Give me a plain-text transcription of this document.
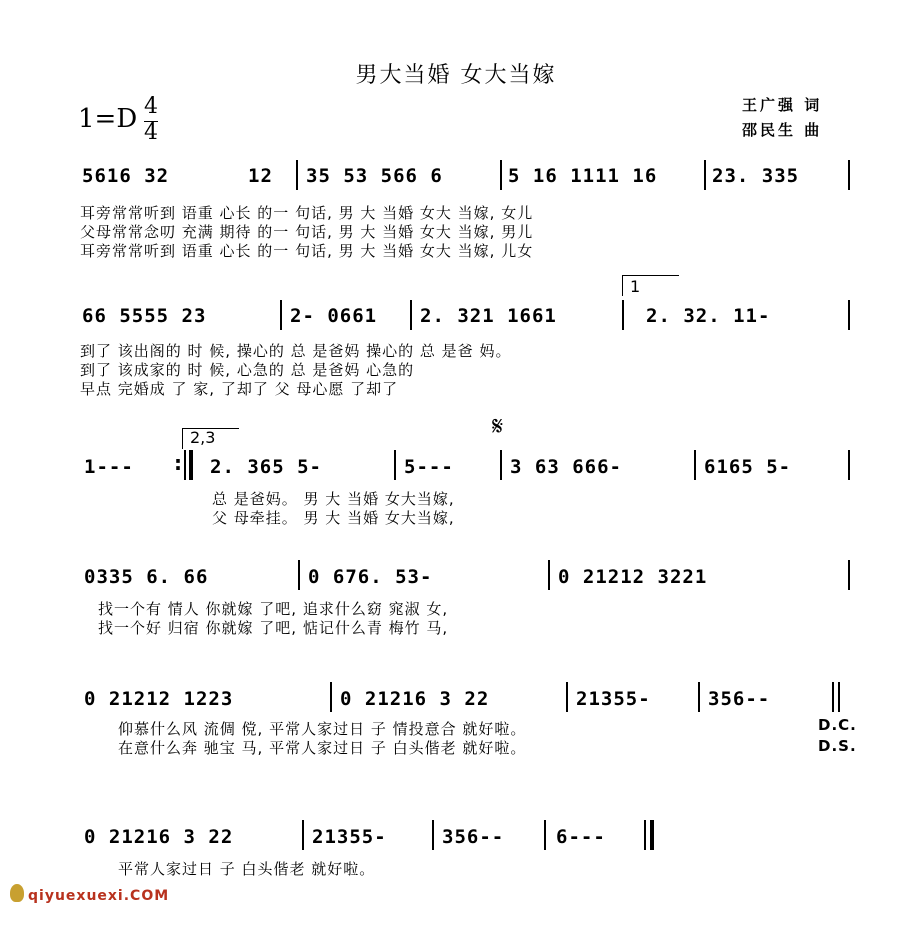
男大当婚 女大当嫁
1=D 4
4
王广强 词
邵民生 曲
5616 32	12 35 53 566 6	5 16 1111 16	23. 335
耳旁常常听到 语重 心长 的一 句话, 男 大 当婚 女大 当嫁, 女儿
父母常常念叨 充满 期待 的一 句话, 男 大 当婚 女大 当嫁, 男儿
耳旁常常听到 语重 心长 的一 句话, 男 大 当婚 女大 当嫁, 儿女
1
66 5555 23	2- 0661 2. 321 1661	2. 32. 11-
到了 该出阁的 时 候, 操心的 总 是爸妈 操心的 总 是爸 妈。
到了 该成家的 时 候, 心急的 总 是爸妈 心急的
早点 完婚成 了 家, 了却了 父 母心愿 了却了
2,3	𝄋
1--- : 2. 365 5-	5---	3 63 666-	6165 5-
总 是爸妈。 男 大 当婚 女大当嫁,
父 母牵挂。 男 大 当婚 女大当嫁,
0335 6. 66	0 676. 53-	0 21212 3221
找一个有 情人 你就嫁 了吧, 追求什么窈 窕淑 女,
找一个好 归宿 你就嫁 了吧, 惦记什么青 梅竹 马,
0 21212 1223	0 21216 3 22	21355-	356--
仰慕什么风 流倜 傥, 平常人家过日 子 情投意合 就好啦。
在意什么奔 驰宝 马, 平常人家过日 子 白头偕老 就好啦。
D.C.
D.S.
0 21216 3 22	21355-	356--	6---
平常人家过日 子 白头偕老 就好啦。
qiyuexuexi.COM
